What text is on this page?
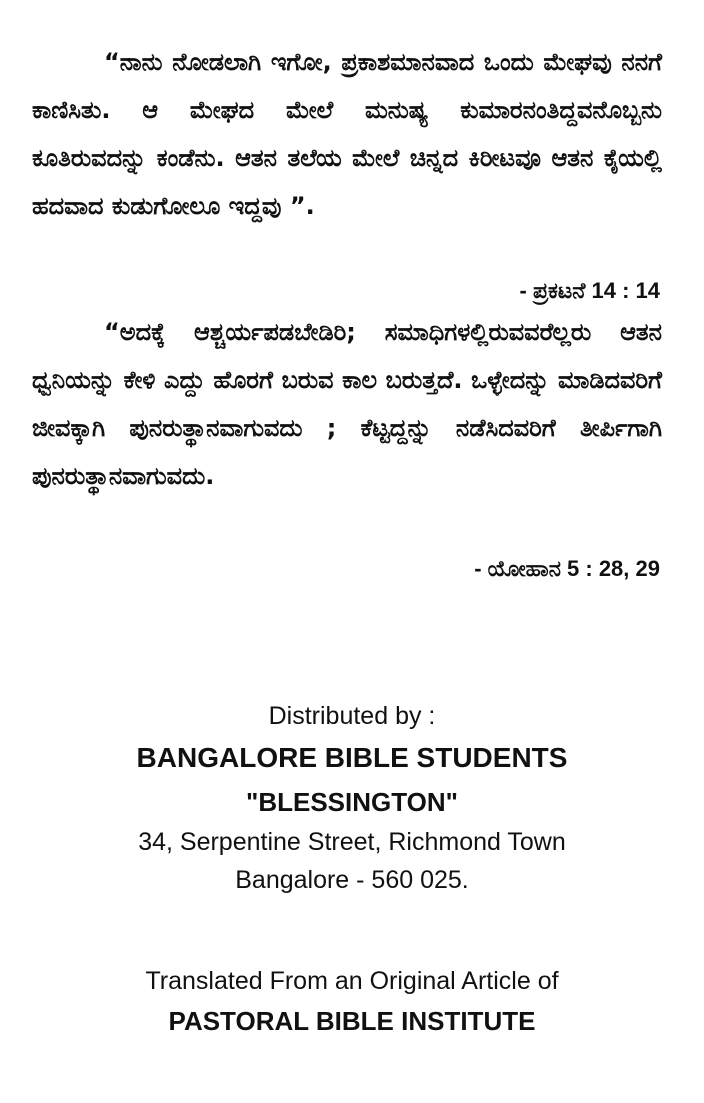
“ನಾನು ನೋಡಲಾಗಿ ಇಗೋ, ಪ್ರಕಾಶಮಾನವಾದ ಒಂದು ಮೇಘವು ನನಗೆ ಕಾಣಿಸಿತು. ಆ ಮೇಘದ ಮೇಲೆ ಮನುಷ್ಯ ಕುಮಾರನಂತಿದ್ದವನೊಬ್ಬನು ಕೂತಿರುವದನ್ನು ಕಂಡೆನು. ಆತನ ತಲೆಯ ಮೇಲೆ ಚಿನ್ನದ ಕಿರೀಟವೂ ಆತನ ಕೈಯಲ್ಲಿ ಹದವಾದ ಕುಡುಗೋಲೂ ಇದ್ದವು ”.

- ಪ್ರಕಟನೆ 14 : 14

“ಅದಕ್ಕೆ ಆಶ್ಚರ್ಯಪಡಬೇಡಿರಿ; ಸಮಾಧಿಗಳಲ್ಲಿರುವವರೆಲ್ಲರು ಆತನ ಧ್ವನಿಯನ್ನು ಕೇಳಿ ಎದ್ದು ಹೊರಗೆ ಬರುವ ಕಾಲ ಬರುತ್ತದೆ. ಒಳ್ಳೇದನ್ನು ಮಾಡಿದವರಿಗೆ ಜೀವಕ್ಕಾಗಿ ಪುನರುತ್ಥಾನವಾಗುವದು ; ಕೆಟ್ಟದ್ದನ್ನು ನಡೆಸಿದವರಿಗೆ ತೀರ್ಪಿಗಾಗಿ ಪುನರುತ್ಥಾನವಾಗುವದು.

- ಯೋಹಾನ 5 : 28, 29
Distributed by :
BANGALORE BIBLE STUDENTS
"BLESSINGTON"
34, Serpentine Street, Richmond Town
Bangalore - 560 025.
Translated From an Original Article of
PASTORAL BIBLE INSTITUTE
